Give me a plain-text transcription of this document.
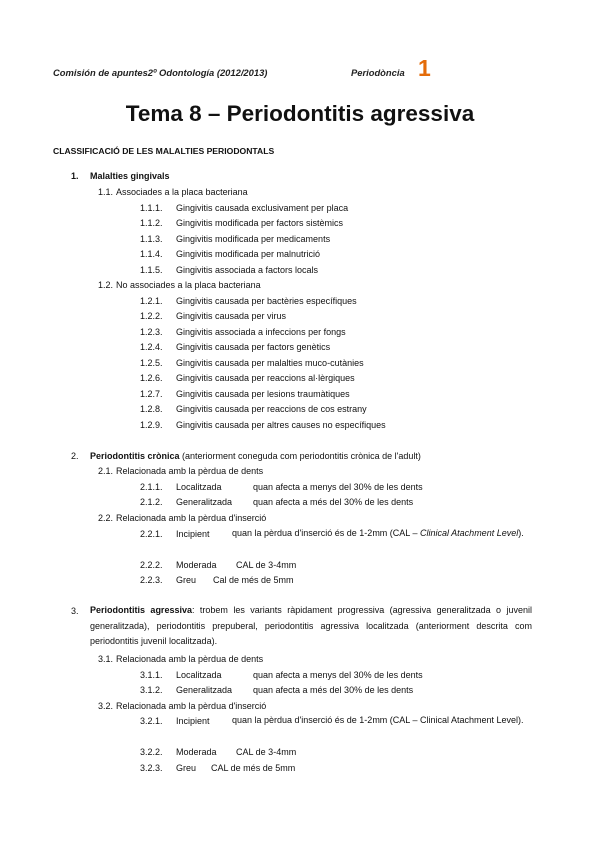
Comisión de apuntes2º Odontología (2012/2013)	Periodòncia 1
Tema 8 – Periodontitis agressiva
CLASSIFICACIÓ DE LES MALALTIES PERIODONTALS
1. Malalties gingivals
1.1. Associades a la placa bacteriana
1.1.1. Gingivitis causada exclusivament per placa
1.1.2. Gingivitis modificada per factors sistèmics
1.1.3. Gingivitis modificada per medicaments
1.1.4. Gingivitis modificada per malnutrició
1.1.5. Gingivitis associada a factors locals
1.2. No associades a la placa bacteriana
1.2.1. Gingivitis causada per bactèries específiques
1.2.2. Gingivitis causada per virus
1.2.3. Gingivitis associada a infeccions per fongs
1.2.4. Gingivitis causada per factors genètics
1.2.5. Gingivitis causada per malalties muco-cutànies
1.2.6. Gingivitis causada per reaccions al·lèrgiques
1.2.7. Gingivitis causada per lesions traumàtiques
1.2.8. Gingivitis causada per reaccions de cos estrany
1.2.9. Gingivitis causada per altres causes no específiques
2. Periodontitis crònica (anteriorment coneguda com periodontitis crònica de l'adult)
2.1. Relacionada amb la pèrdua de dents
2.1.1. Localitzada	quan afecta a menys del 30% de les dents
2.1.2. Generalitzada quan afecta a més del 30% de les dents
2.2. Relacionada amb la pèrdua d'inserció
2.2.1. Incipient quan la pèrdua d'inserció és de 1-2mm (CAL – Clinical Atachment Level).
2.2.2. Moderada CAL de 3-4mm
2.2.3. Greu Cal de més de 5mm
3. Periodontitis agressiva: trobem les variants ràpidament progressiva (agressiva generalitzada o juvenil generalitzada), periodontitis prepuberal, periodontitis agressiva localitzada (anteriorment descrita com periodontitis juvenil localitzada).
3.1. Relacionada amb la pèrdua de dents
3.1.1. Localitzada	quan afecta a menys del 30% de les dents
3.1.2. Generalitzada quan afecta a més del 30% de les dents
3.2. Relacionada amb la pèrdua d'inserció
3.2.1. Incipient quan la pèrdua d'inserció és de 1-2mm (CAL – Clinical Atachment Level).
3.2.2. Moderada CAL de 3-4mm
3.2.3. Greu CAL de més de 5mm
